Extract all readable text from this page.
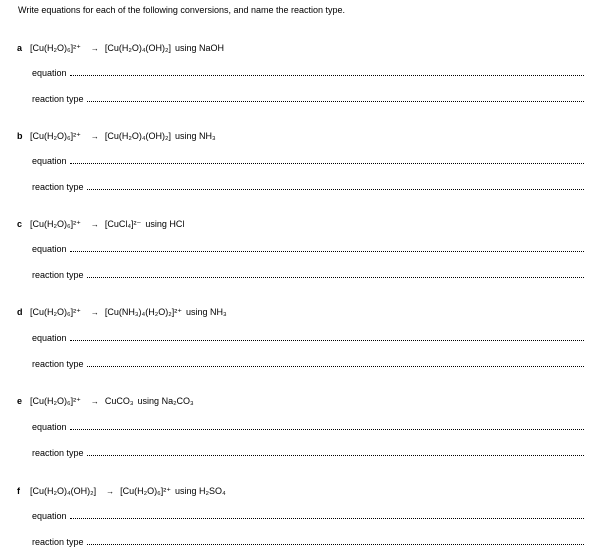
Write equations for each of the following conversions, and name the reaction type.
a [Cu(H₂O)₆]²⁺ → [Cu(H₂O)₄(OH)₂] using NaOH
equation
reaction type
b [Cu(H₂O)₆]²⁺ → [Cu(H₂O)₄(OH)₂] using NH₃
equation
reaction type
c [Cu(H₂O)₆]²⁺ → [CuCl₄]²⁻ using HCl
equation
reaction type
d [Cu(H₂O)₆]²⁺ → [Cu(NH₃)₄(H₂O)₂]²⁺ using NH₃
equation
reaction type
e [Cu(H₂O)₆]²⁺ → CuCO₃ using Na₂CO₃
equation
reaction type
f	[Cu(H₂O)₄(OH)₂] → [Cu(H₂O)₆]²⁺ using H₂SO₄
equation
reaction type
